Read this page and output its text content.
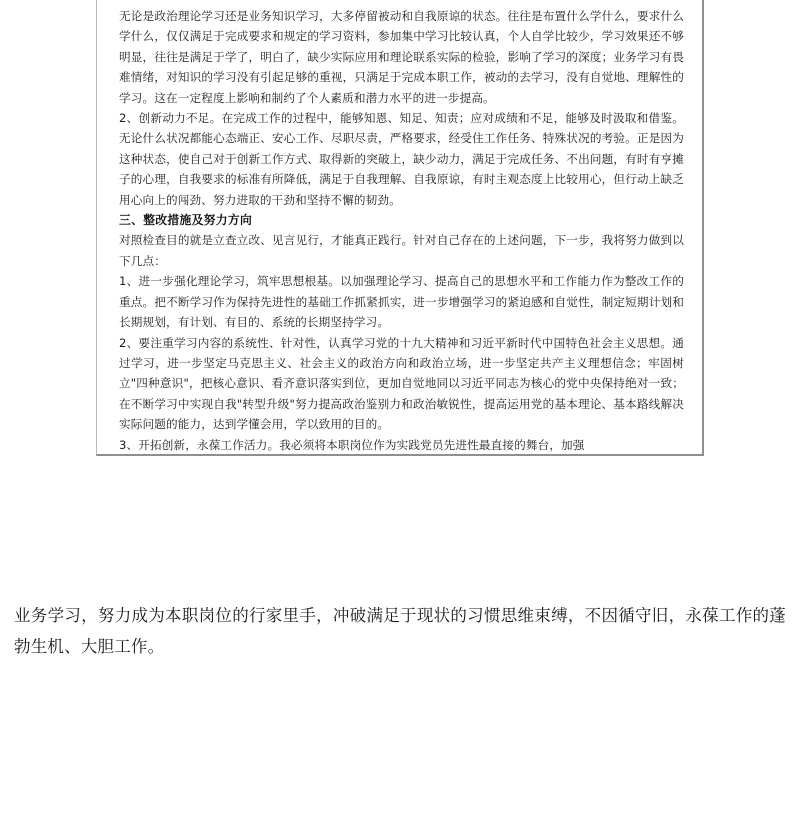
无论是政治理论学习还是业务知识学习，大多停留被动和自我原谅的状态。往往是布置什么学什么，要求什么学什么，仅仅满足于完成要求和规定的学习资料，参加集中学习比较认真，个人自学比较少，学习效果还不够明显，往往是满足于学了，明白了，缺少实际应用和理论联系实际的检验，影响了学习的深度；业务学习有畏难情绪，对知识的学习没有引起足够的重视，只满足于完成本职工作，被动的去学习，没有自觉地、理解性的学习。这在一定程度上影响和制约了个人素质和潜力水平的进一步提高。

2、创新动力不足。在完成工作的过程中，能够知恩、知足、知责；应对成绩和不足，能够及时汲取和借鉴。无论什么状况都能心态端正、安心工作、尽职尽责，严格要求，经受住工作任务、特殊状况的考验。正是因为这种状态，使自己对于创新工作方式、取得新的突破上，缺少动力，满足于完成任务、不出问题，有时有亨摊子的心理，自我要求的标准有所降低，满足于自我理解、自我原谅，有时主观态度上比较用心，但行动上缺乏用心向上的闯劲、努力进取的干劲和坚持不懈的韧劲。

三、整改措施及努力方向

对照检查目的就是立查立改、见言见行，才能真正践行。针对自己存在的上述问题，下一步，我将努力做到以下几点：

1、进一步强化理论学习，筑牢思想根基。以加强理论学习、提高自己的思想水平和工作能力作为整改工作的重点。把不断学习作为保持先进性的基础工作抓紧抓实，进一步增强学习的紧迫感和自觉性，制定短期计划和长期规划，有计划、有目的、系统的长期坚持学习。

2、要注重学习内容的系统性、针对性，认真学习党的十九大精神和习近平新时代中国特色社会主义思想。通过学习，进一步坚定马克思主义、社会主义的政治方向和政治立场，进一步坚定共产主义理想信念；牢固树立"四种意识"，把核心意识、看齐意识落实到位，更加自觉地同以习近平同志为核心的党中央保持绝对一致；在不断学习中实现自我"转型升级"努力提高政治鉴别力和政治敏锐性，提高运用党的基本理论、基本路线解决实际问题的能力，达到学懂会用，学以致用的目的。

3、开拓创新，永葆工作活力。我必须将本职岗位作为实践党员先进性最直接的舞台，加强

业务学习，努力成为本职岗位的行家里手，冲破满足于现状的习惯思维束缚，不因循守旧，永葆工作的蓬勃生机、大胆工作。
